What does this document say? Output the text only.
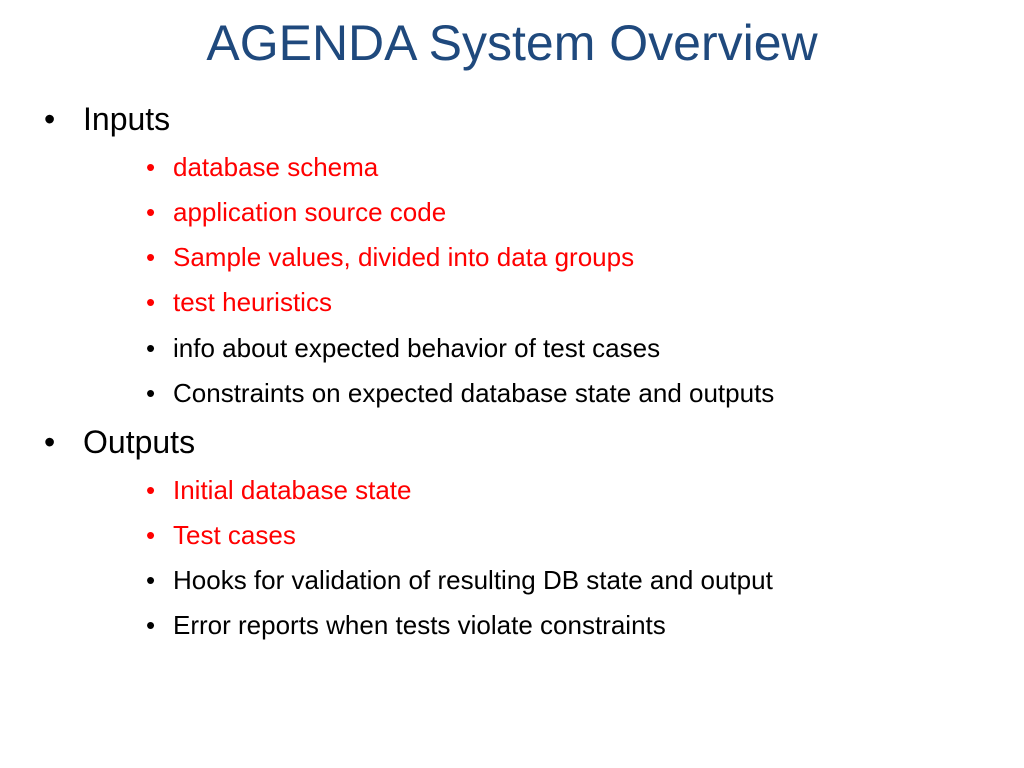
AGENDA System Overview
• Inputs
• database schema
• application source code
• Sample values, divided into data groups
• test heuristics
• info about expected behavior of test cases
• Constraints on expected database state and outputs
• Outputs
• Initial database state
• Test cases
• Hooks for validation of resulting DB state and output
• Error reports when tests violate constraints
